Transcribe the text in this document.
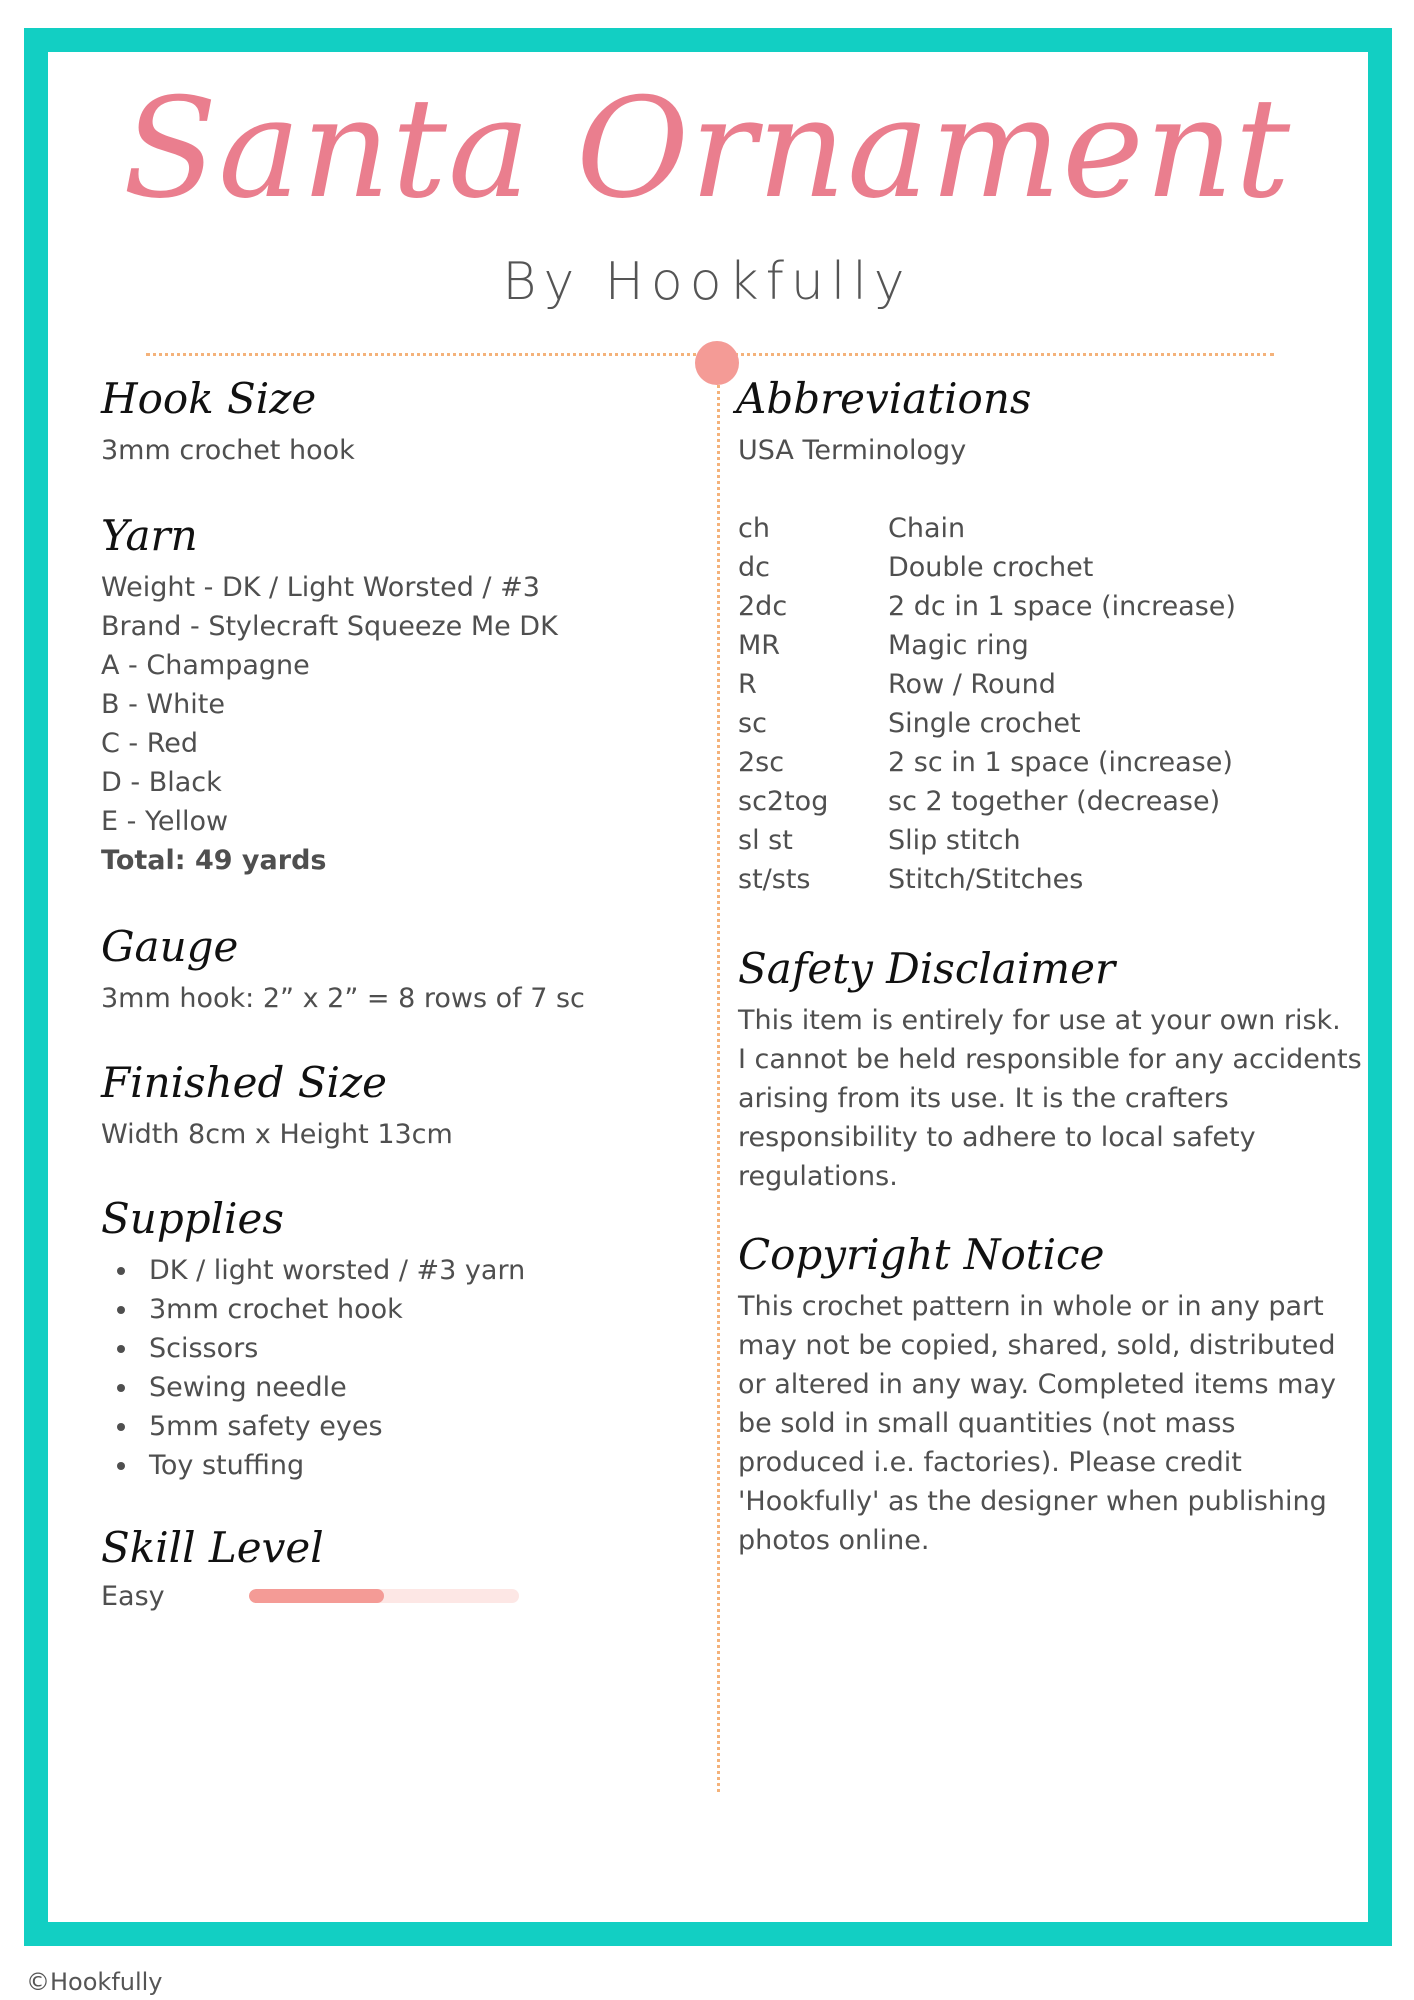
Santa Ornament
By Hookfully
Hook Size
3mm crochet hook
Yarn
Weight - DK / Light Worsted / #3
Brand - Stylecraft Squeeze Me DK
A - Champagne
B - White
C - Red
D - Black
E - Yellow
Total: 49 yards
Gauge
3mm hook: 2” x 2” = 8 rows of 7 sc
Finished Size
Width 8cm x Height 13cm
Supplies
DK / light worsted / #3 yarn
3mm crochet hook
Scissors
Sewing needle
5mm safety eyes
Toy stuffing
Skill Level
Easy
Abbreviations
USA Terminology
ch	Chain
dc	Double crochet
2dc	2 dc in 1 space (increase)
MR	Magic ring
R	Row / Round
sc	Single crochet
2sc	2 sc in 1 space (increase)
sc2tog	sc 2 together (decrease)
sl st	Slip stitch
st/sts	Stitch/Stitches
Safety Disclaimer
This item is entirely for use at your own risk.
I cannot be held responsible for any accidents
arising from its use. It is the crafters
responsibility to adhere to local safety
regulations.
Copyright Notice
This crochet pattern in whole or in any part
may not be copied, shared, sold, distributed
or altered in any way. Completed items may
be sold in small quantities (not mass
produced i.e. factories). Please credit
'Hookfully' as the designer when publishing
photos online.
©Hookfully
